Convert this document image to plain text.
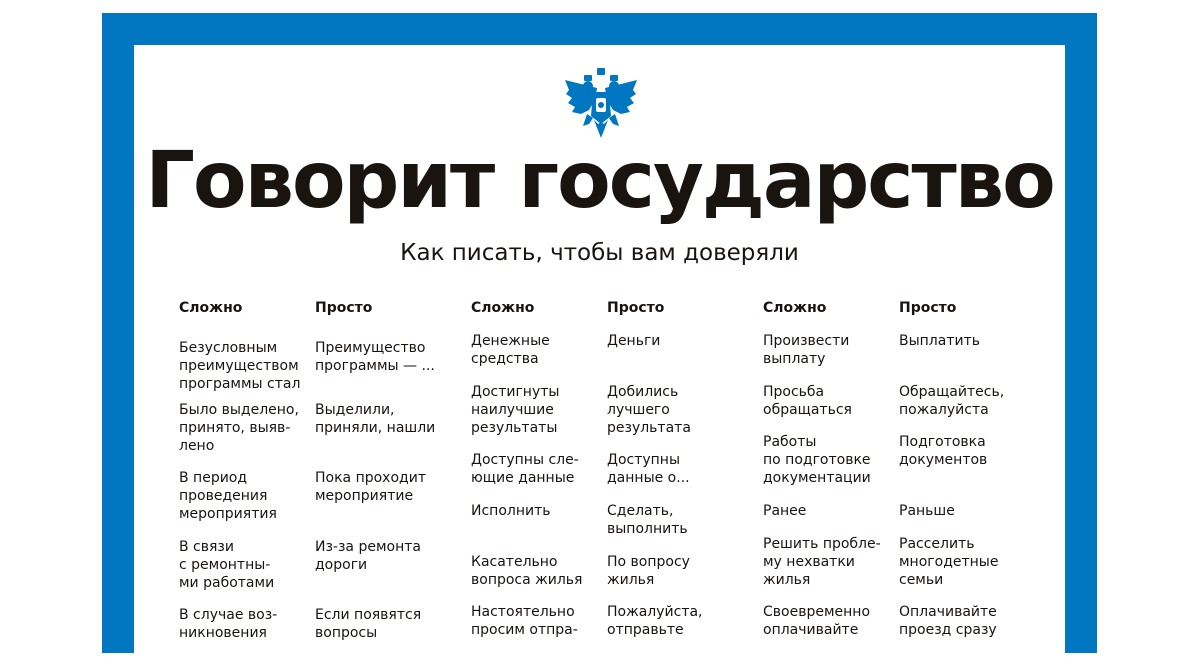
Говорит государство
Как писать, чтобы вам доверяли
Сложно
Безусловным
преимуществом
программы стал
Было выделено,
принято, выяв-
лено
В период
проведения
мероприятия
В связи
с ремонтны-
ми работами
В случае воз-
никновения
Просто
Преимущество
программы — ...
Выделили,
приняли, нашли
Пока проходит
мероприятие
Из-за ремонта
дороги
Если появятся
вопросы
Сложно
Денежные
средства
Достигнуты
наилучшие
результаты
Доступны сле-
ющие данные
Исполнить
Касательно
вопроса жилья
Настоятельно
просим отпра-
Просто
Деньги
Добились
лучшего
результата
Доступны
данные о...
Сделать,
выполнить
По вопросу
жилья
Пожалуйста,
отправьте
Сложно
Произвести
выплату
Просьба
обращаться
Работы
по подготовке
документации
Ранее
Решить пробле-
му нехватки
жилья
Своевременно
оплачивайте
Просто
Выплатить
Обращайтесь,
пожалуйста
Подготовка
документов
Раньше
Расселить
многодетные
семьи
Оплачивайте
проезд сразу
